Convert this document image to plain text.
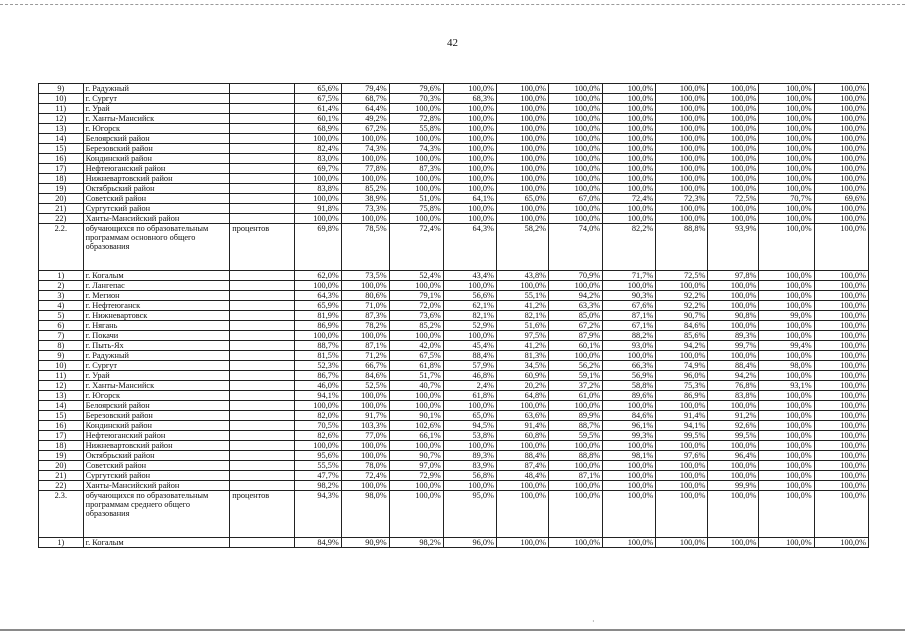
42
9)	г. Радужный		65,6%	79,4%	79,6%	100,0%	100,0%	100,0%	100,0%	100,0%	100,0%	100,0%	100,0%
10)	г. Сургут		67,5%	68,7%	70,3%	68,3%	100,0%	100,0%	100,0%	100,0%	100,0%	100,0%	100,0%
11)	г. Урай		61,4%	64,4%	100,0%	100,0%	100,0%	100,0%	100,0%	100,0%	100,0%	100,0%	100,0%
12)	г. Ханты-Мансийск		60,1%	49,2%	72,8%	100,0%	100,0%	100,0%	100,0%	100,0%	100,0%	100,0%	100,0%
13)	г. Югорск		68,9%	67,2%	55,8%	100,0%	100,0%	100,0%	100,0%	100,0%	100,0%	100,0%	100,0%
14)	Белоярский район		100,0%	100,0%	100,0%	100,0%	100,0%	100,0%	100,0%	100,0%	100,0%	100,0%	100,0%
15)	Березовский район		82,4%	74,3%	74,3%	100,0%	100,0%	100,0%	100,0%	100,0%	100,0%	100,0%	100,0%
16)	Кондинский район		83,0%	100,0%	100,0%	100,0%	100,0%	100,0%	100,0%	100,0%	100,0%	100,0%	100,0%
17)	Нефтеюганский район		69,7%	77,8%	87,3%	100,0%	100,0%	100,0%	100,0%	100,0%	100,0%	100,0%	100,0%
18)	Нижневартовский район		100,0%	100,0%	100,0%	100,0%	100,0%	100,0%	100,0%	100,0%	100,0%	100,0%	100,0%
19)	Октябрьский район		83,8%	85,2%	100,0%	100,0%	100,0%	100,0%	100,0%	100,0%	100,0%	100,0%	100,0%
20)	Советский район		100,0%	38,9%	51,0%	64,1%	65,0%	67,0%	72,4%	72,3%	72,5%	70,7%	69,6%
21)	Сургутский район		91,8%	73,3%	75,8%	100,0%	100,0%	100,0%	100,0%	100,0%	100,0%	100,0%	100,0%
22)	Ханты-Мансийский район		100,0%	100,0%	100,0%	100,0%	100,0%	100,0%	100,0%	100,0%	100,0%	100,0%	100,0%
2.2.	обучающихся по образовательным программам основного общего образования	процентов	69,8%	78,5%	72,4%	64,3%	58,2%	74,0%	82,2%	88,8%	93,9%	100,0%	100,0%
1)	г. Когалым		62,0%	73,5%	52,4%	43,4%	43,8%	70,9%	71,7%	72,5%	97,8%	100,0%	100,0%
2)	г. Лангепас		100,0%	100,0%	100,0%	100,0%	100,0%	100,0%	100,0%	100,0%	100,0%	100,0%	100,0%
3)	г. Мегион		64,3%	80,6%	79,1%	56,6%	55,1%	94,2%	90,3%	92,2%	100,0%	100,0%	100,0%
4)	г. Нефтеюганск		65,9%	71,0%	72,0%	62,1%	41,2%	63,3%	67,6%	92,2%	100,0%	100,0%	100,0%
5)	г. Нижневартовск		81,9%	87,3%	73,6%	82,1%	82,1%	85,0%	87,1%	90,7%	90,8%	99,0%	100,0%
6)	г. Нягань		86,9%	78,2%	85,2%	52,9%	51,6%	67,2%	67,1%	84,6%	100,0%	100,0%	100,0%
7)	г. Покачи		100,0%	100,0%	100,0%	100,0%	97,5%	87,9%	88,2%	85,6%	89,3%	100,0%	100,0%
8)	г. Пыть-Ях		88,7%	87,1%	42,0%	45,4%	41,2%	60,1%	93,0%	94,2%	99,7%	99,4%	100,0%
9)	г. Радужный		81,5%	71,2%	67,5%	88,4%	81,3%	100,0%	100,0%	100,0%	100,0%	100,0%	100,0%
10)	г. Сургут		52,3%	66,7%	61,8%	57,9%	34,5%	56,2%	66,3%	74,9%	88,4%	98,0%	100,0%
11)	г. Урай		86,7%	84,6%	51,7%	46,8%	60,9%	59,1%	56,9%	96,0%	94,2%	100,0%	100,0%
12)	г. Ханты-Мансийск		46,0%	52,5%	40,7%	2,4%	20,2%	37,2%	58,8%	75,3%	76,8%	93,1%	100,0%
13)	г. Югорск		94,1%	100,0%	100,0%	61,8%	64,8%	61,0%	89,6%	86,9%	83,8%	100,0%	100,0%
14)	Белоярский район		100,0%	100,0%	100,0%	100,0%	100,0%	100,0%	100,0%	100,0%	100,0%	100,0%	100,0%
15)	Березовский район		82,0%	91,7%	90,1%	65,0%	63,6%	89,9%	84,6%	91,4%	91,2%	100,0%	100,0%
16)	Кондинский район		70,5%	103,3%	102,6%	94,5%	91,4%	88,7%	96,1%	94,1%	92,6%	100,0%	100,0%
17)	Нефтеюганский район		82,6%	77,0%	66,1%	53,8%	60,8%	59,5%	99,3%	99,5%	99,5%	100,0%	100,0%
18)	Нижневартовский район		100,0%	100,0%	100,0%	100,0%	100,0%	100,0%	100,0%	100,0%	100,0%	100,0%	100,0%
19)	Октябрьский район		95,6%	100,0%	90,7%	89,3%	88,4%	88,8%	98,1%	97,6%	96,4%	100,0%	100,0%
20)	Советский район		55,5%	78,0%	97,0%	83,9%	87,4%	100,0%	100,0%	100,0%	100,0%	100,0%	100,0%
21)	Сургутский район		47,7%	72,4%	72,9%	56,8%	48,4%	87,1%	100,0%	100,0%	100,0%	100,0%	100,0%
22)	Ханты-Мансийский район		98,2%	100,0%	100,0%	100,0%	100,0%	100,0%	100,0%	100,0%	99,9%	100,0%	100,0%
2.3.	обучающихся по образовательным программам среднего общего образования	процентов	94,3%	98,0%	100,0%	95,0%	100,0%	100,0%	100,0%	100,0%	100,0%	100,0%	100,0%
1)	г. Когалым		84,9%	90,9%	98,2%	96,0%	100,0%	100,0%	100,0%	100,0%	100,0%	100,0%	100,0%
·
